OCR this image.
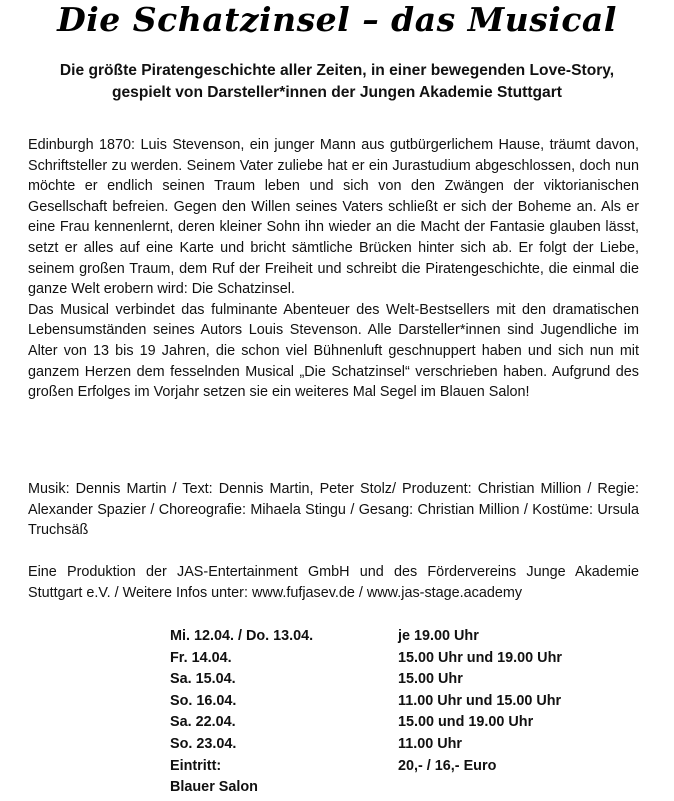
Die Schatzinsel – das Musical
Die größte Piratengeschichte aller Zeiten, in einer bewegenden Love-Story, gespielt von Darsteller*innen der Jungen Akademie Stuttgart

Edinburgh 1870: Luis Stevenson, ein junger Mann aus gutbürgerlichem Hause, träumt davon, Schriftsteller zu werden. Seinem Vater zuliebe hat er ein Jurastudium abgeschlossen, doch nun möchte er endlich seinen Traum leben und sich von den Zwängen der viktorianischen Gesellschaft befreien. Gegen den Willen seines Vaters schließt er sich der Boheme an. Als er eine Frau kennenlernt, deren kleiner Sohn ihn wieder an die Macht der Fantasie glauben lässt, setzt er alles auf eine Karte und bricht sämtliche Brücken hinter sich ab. Er folgt der Liebe, seinem großen Traum, dem Ruf der Freiheit und schreibt die Piratengeschichte, die einmal die ganze Welt erobern wird: Die Schatzinsel.

Das Musical verbindet das fulminante Abenteuer des Welt-Bestsellers mit den dramatischen Lebensumständen seines Autors Louis Stevenson. Alle Darsteller*innen sind Jugendliche im Alter von 13 bis 19 Jahren, die schon viel Bühnenluft geschnuppert haben und sich nun mit ganzem Herzen dem fesselnden Musical „Die Schatzinsel“ verschrieben haben. Aufgrund des großen Erfolges im Vorjahr setzen sie ein weiteres Mal Segel im Blauen Salon!

Musik: Dennis Martin / Text: Dennis Martin, Peter Stolz/ Produzent: Christian Million / Regie: Alexander Spazier / Choreografie: Mihaela Stingu / Gesang: Christian Million / Kostüme: Ursula Truchsäß

Eine Produktion der JAS-Entertainment GmbH und des Fördervereins Junge Akademie Stuttgart e.V. / Weitere Infos unter: www.fufjasev.de / www.jas-stage.academy

Mi. 12.04. / Do. 13.04.	je 19.00 Uhr
Fr. 14.04.	15.00 Uhr und 19.00 Uhr
Sa. 15.04.	15.00 Uhr
So. 16.04.	11.00 Uhr und 15.00 Uhr
Sa. 22.04.	15.00 und 19.00 Uhr
So. 23.04.	11.00 Uhr
Eintritt:	20,- / 16,- Euro
Blauer Salon	
